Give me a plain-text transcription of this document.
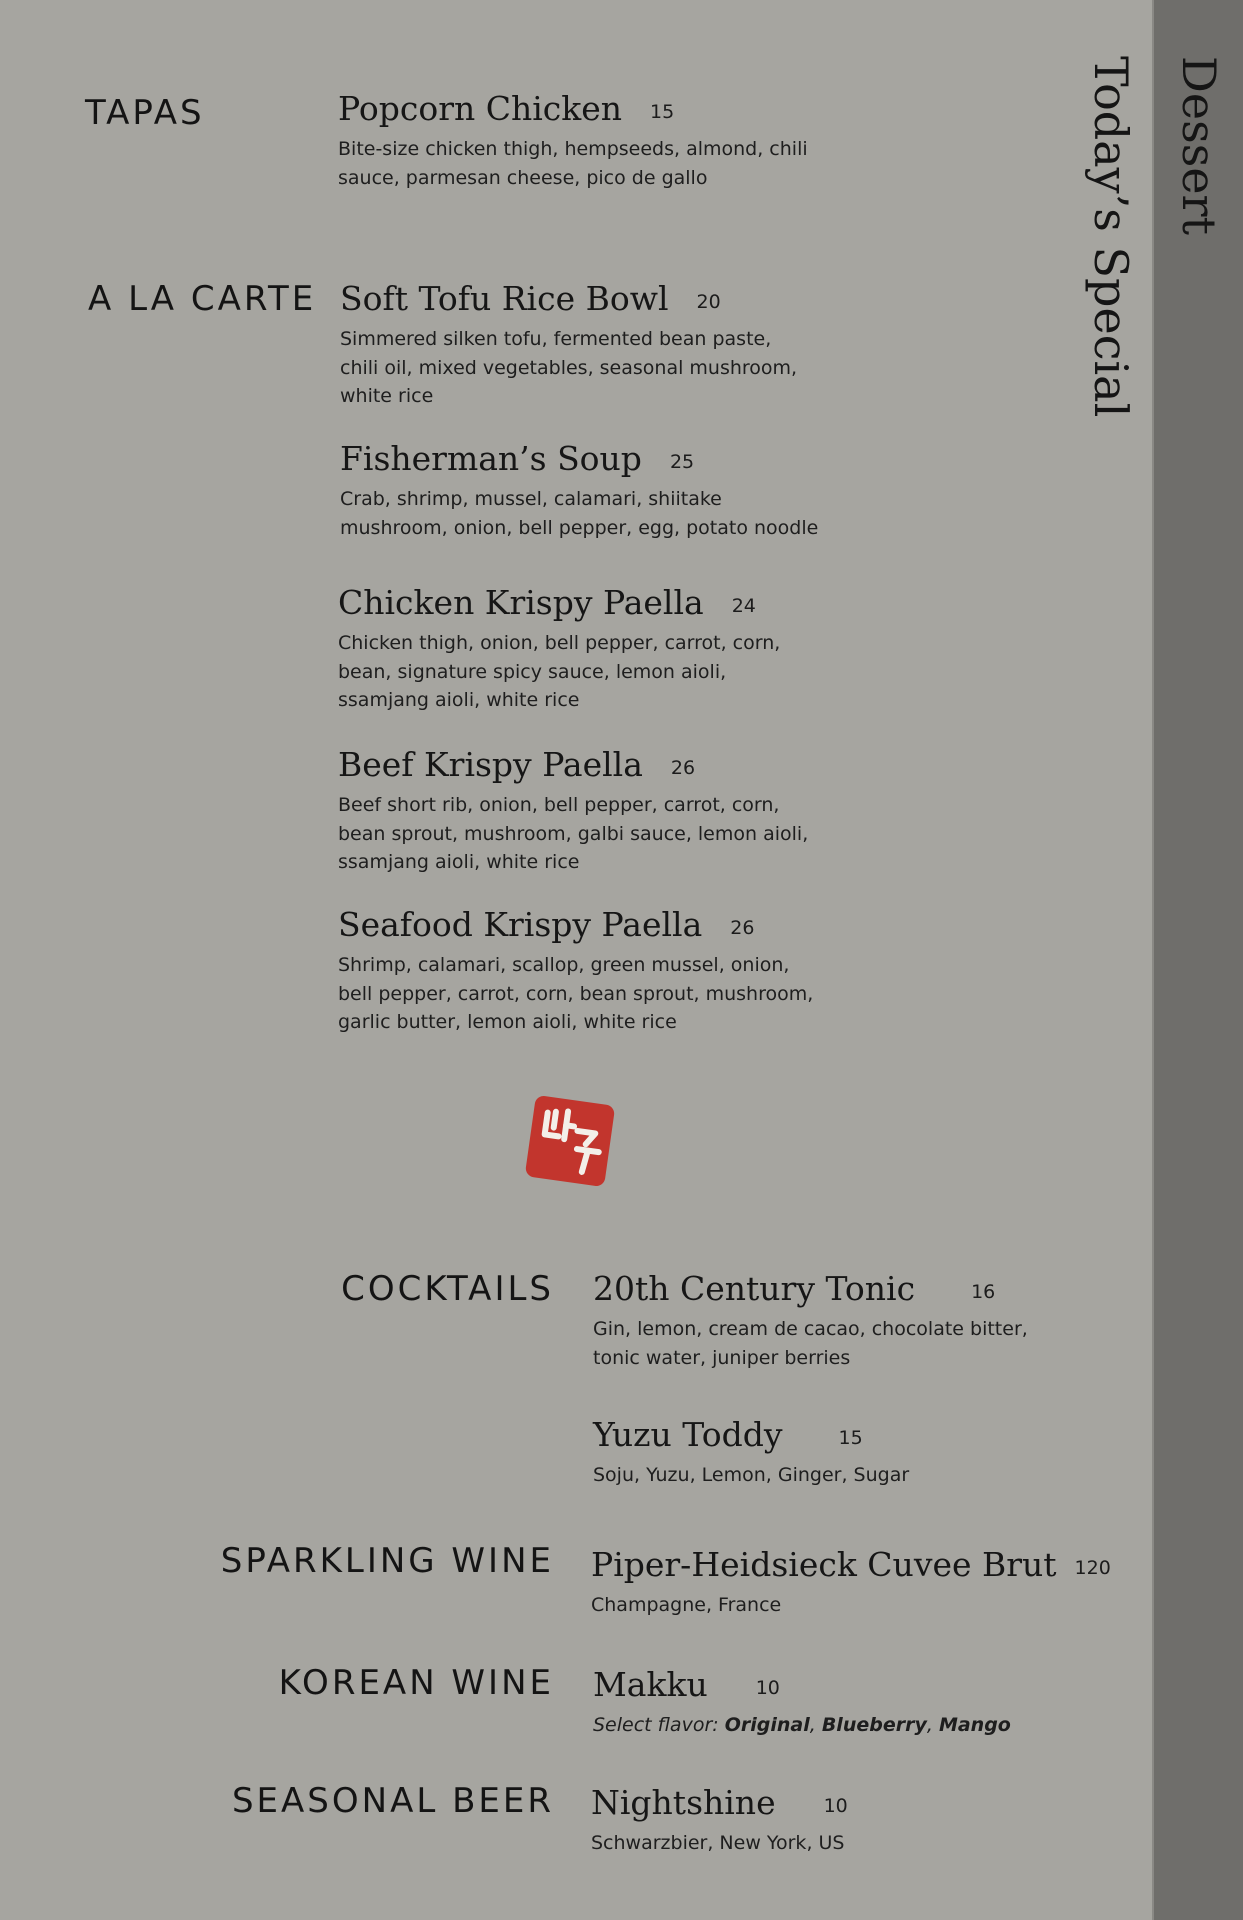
TAPAS	Popcorn Chicken 15
Bite-size chicken thigh, hempseeds, almond, chili sauce, parmesan cheese, pico de gallo
A LA CARTE Soft Tofu Rice Bowl 20
Simmered silken tofu, fermented bean paste, chili oil, mixed vegetables, seasonal mushroom, white rice
Fisherman’s Soup 25
Crab, shrimp, mussel, calamari, shiitake mushroom, onion, bell pepper, egg, potato noodle
Chicken Krispy Paella 24
Chicken thigh, onion, bell pepper, carrot, corn, bean, signature spicy sauce, lemon aioli, ssamjang aioli, white rice
Beef Krispy Paella 26
Beef short rib, onion, bell pepper, carrot, corn, bean sprout, mushroom, galbi sauce, lemon aioli, ssamjang aioli, white rice
Seafood Krispy Paella 26
Shrimp, calamari, scallop, green mussel, onion, bell pepper, carrot, corn, bean sprout, mushroom, garlic butter, lemon aioli, white rice
COCKTAILS 20th Century Tonic	16
Gin, lemon, cream de cacao, chocolate bitter, tonic water, juniper berries
Yuzu Toddy	15
Soju, Yuzu, Lemon, Ginger, Sugar
SPARKLING WINE Piper-Heidsieck Cuvee Brut 120
Champagne, France
KOREAN WINE Makku	10
Select flavor: Original, Blueberry, Mango
SEASONAL BEER Nightshine	10
Schwarzbier, New York, US
Today’s Special Dessert
